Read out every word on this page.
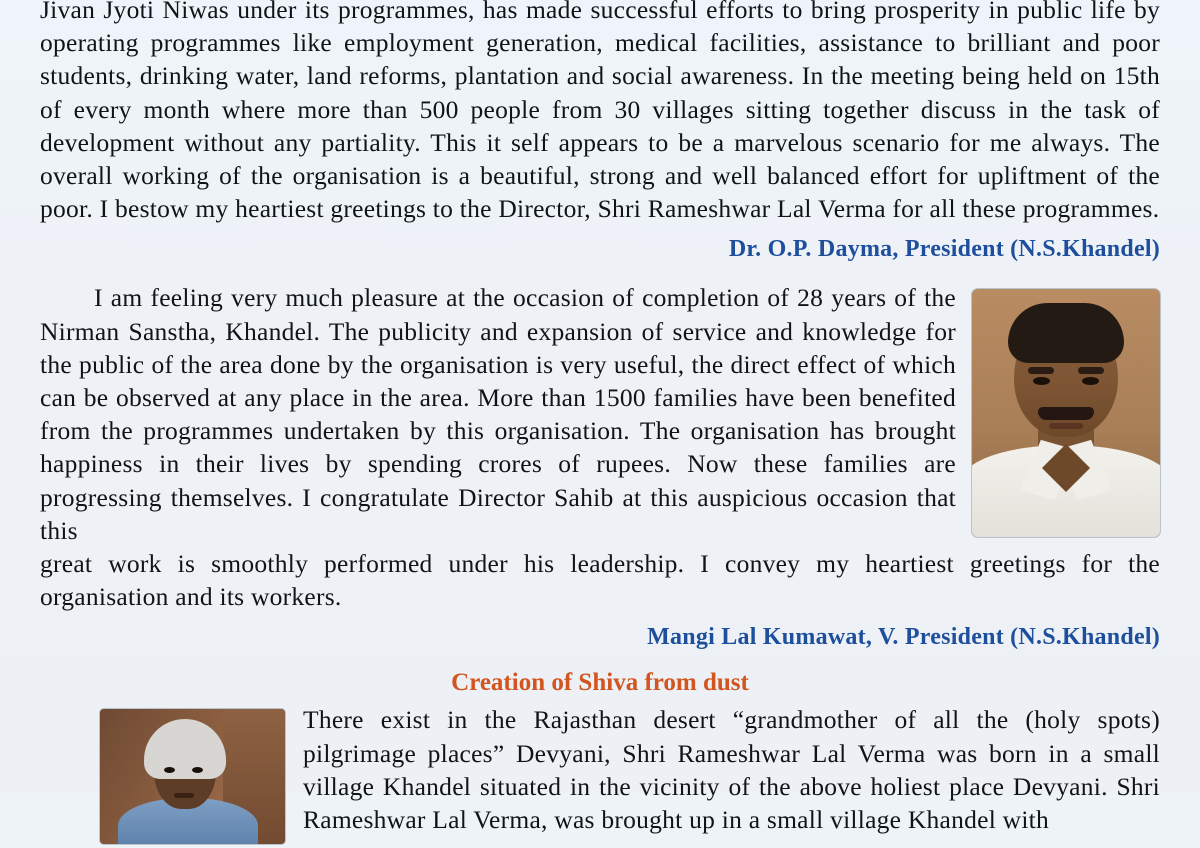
Jivan Jyoti Niwas under its programmes, has made successful efforts to bring prosperity in public life by operating programmes like employment generation, medical facilities, assistance to brilliant and poor students, drinking water, land reforms, plantation and social awareness. In the meeting being held on 15th of every month where more than 500 people from 30 villages sitting together discuss in the task of development without any partiality. This it self appears to be a marvelous scenario for me always. The overall working of the organisation is a beautiful, strong and well balanced effort for upliftment of the poor. I bestow my heartiest greetings to the Director, Shri Rameshwar Lal Verma for all these programmes.

Dr. O.P. Dayma, President (N.S.Khandel)

I am feeling very much pleasure at the occasion of completion of 28 years of the Nirman Sanstha, Khandel. The publicity and expansion of service and knowledge for the public of the area done by the organisation is very useful, the direct effect of which can be observed at any place in the area. More than 1500 families have been benefited from the programmes undertaken by this organisation. The organisation has brought happiness in their lives by spending crores of rupees. Now these families are progressing themselves. I congratulate Director Sahib at this auspicious occasion that this

great work is smoothly performed under his leadership. I convey my heartiest greetings for the organisation and its workers.

Mangi Lal Kumawat, V. President (N.S.Khandel)

Creation of Shiva from dust

There exist in the Rajasthan desert “grandmother of all the (holy spots) pilgrimage places” Devyani, Shri Rameshwar Lal Verma was born in a small village Khandel situated in the vicinity of the above holiest place Devyani. Shri Rameshwar Lal Verma, was brought up in a small village Khandel with
